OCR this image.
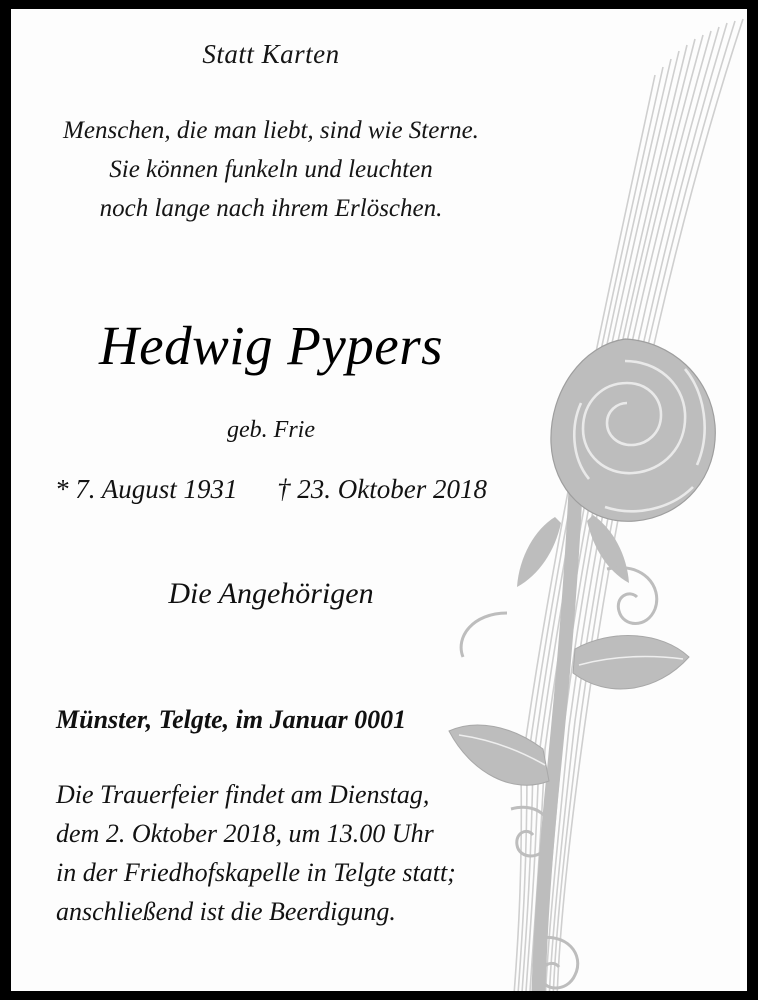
Statt Karten
Menschen, die man liebt, sind wie Sterne.
Sie können funkeln und leuchten
noch lange nach ihrem Erlöschen.
Hedwig Pypers
geb. Frie
* 7. August 1931 † 23. Oktober 2018
Die Angehörigen
Münster, Telgte, im Januar 0001
Die Trauerfeier findet am Dienstag,
dem 2. Oktober 2018, um 13.00 Uhr
in der Friedhofskapelle in Telgte statt;
anschließend ist die Beerdigung.
